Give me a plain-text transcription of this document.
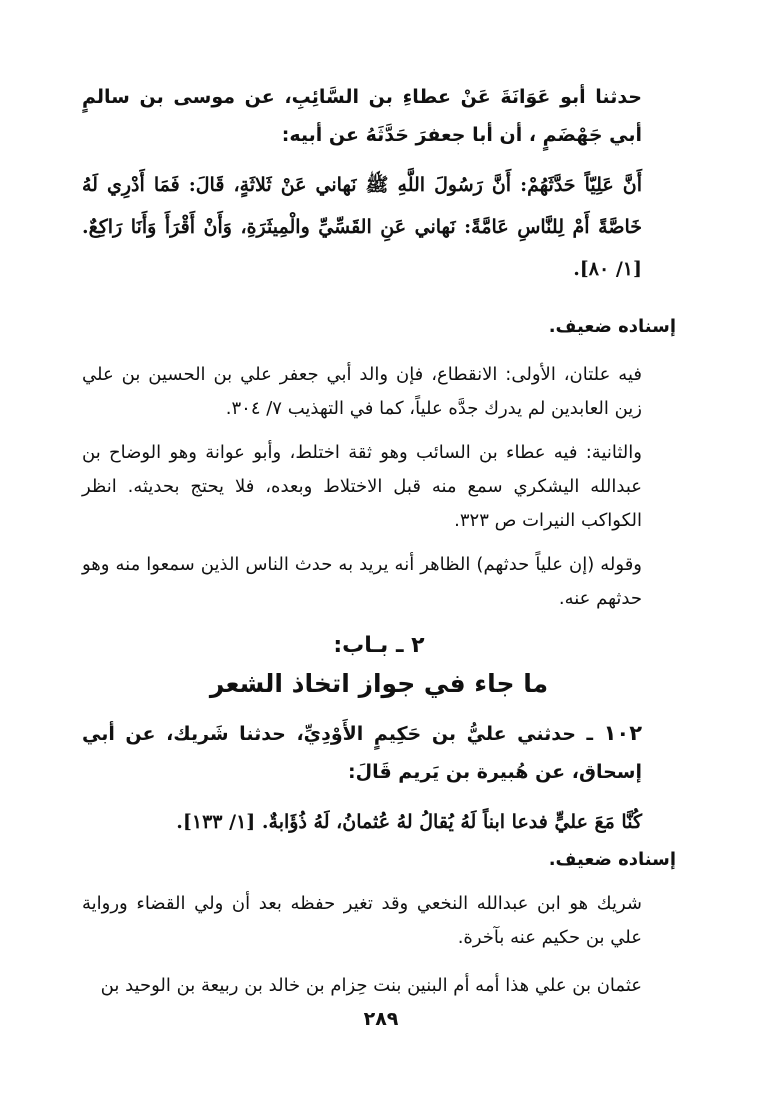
حدثنا أبو عَوَانَةَ عَنْ عطاءِ بن السَّائِبِ، عن موسى بن سالمٍ أبي جَهْضَمٍ ، أن أبا جعفرَ حَدَّثَهُ عن أبيه:

أَنَّ عَلِيّاً حَدَّثَهُمْ: أَنَّ رَسُولَ اللَّهِ ﷺ نَهاني عَنْ ثَلاثَةٍ، قَالَ: فَمَا أَدْرِي لَهُ خَاصَّةً أَمْ لِلنَّاسِ عَامَّةً: نَهاني عَنِ القَسِّيِّ والْمِيثَرَةِ، وَأَنْ أَقْرَأَ وَأَنَا رَاكِعٌ. [١/ ٨٠].

إسناده ضعيف.

فيه علتان، الأولى: الانقطاع، فإن والد أبي جعفر علي بن الحسين بن علي زين العابدين لم يدرك جدَّه علياً، كما في التهذيب ٧/ ٣٠٤.

والثانية: فيه عطاء بن السائب وهو ثقة اختلط، وأبو عوانة وهو الوضاح بن عبدالله اليشكري سمع منه قبل الاختلاط وبعده، فلا يحتج بحديثه. انظر الكواكب النيرات ص ٣٢٣.

وقوله (إن علياً حدثهم) الظاهر أنه يريد به حدث الناس الذين سمعوا منه وهو حدثهم عنه.

٢ ـ بـاب:
ما جاء في جواز اتخاذ الشعر

١٠٢ ـ حدثني عليُّ بن حَكِيمٍ الأَوْدِيِّ، حدثنا شَريك، عن أبي إسحاق، عن هُبيرة بن يَريم قَالَ:

كُنَّا مَعَ عليٍّ فدعا ابناً لَهُ يُقالُ لهُ عُثمانُ، لَهُ ذُؤَابةٌ. [١/ ١٣٣].

إسناده ضعيف.

شريك هو ابن عبدالله النخعي وقد تغير حفظه بعد أن ولي القضاء ورواية علي بن حكيم عنه بآخرة.

عثمان بن علي هذا أمه أم البنين بنت حِزام بن خالد بن ربيعة بن الوحيد بن

٢٨٩
